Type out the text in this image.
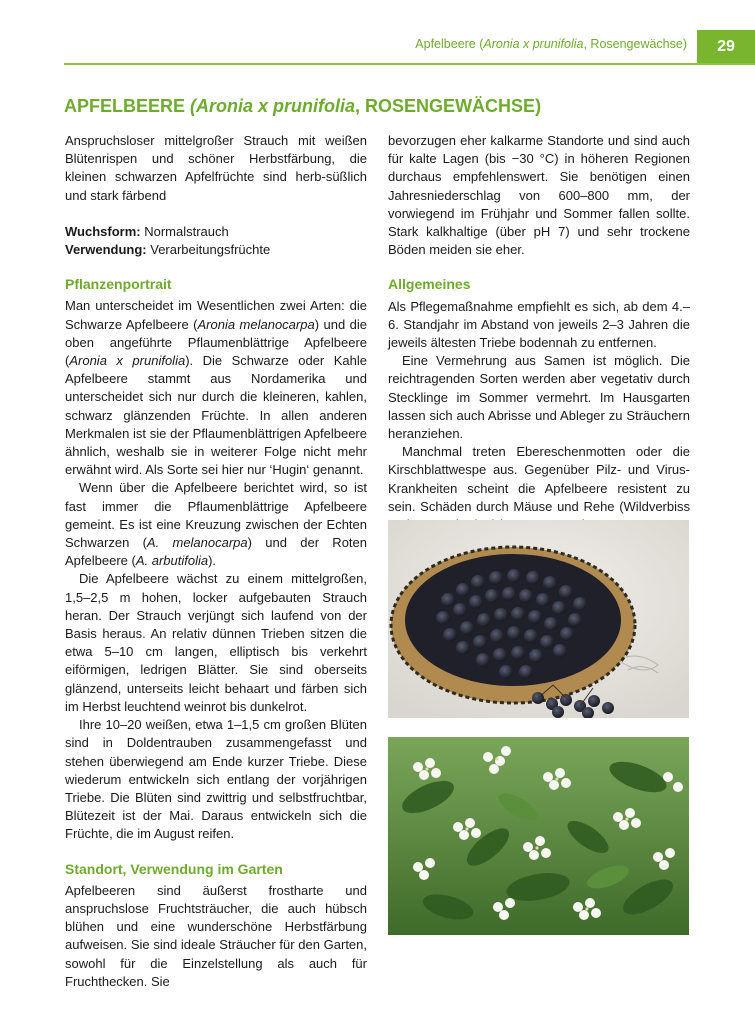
Apfelbeere (Aronia x prunifolia, Rosengewächse)	29
APFELBEERE (Aronia x prunifolia, ROSENGEWÄCHSE)

Anspruchsloser mittelgroßer Strauch mit weißen Blütenrispen und schöner Herbstfärbung, die kleinen schwarzen Apfelfrüchte sind herb-süßlich und stark färbend

Wuchsform: Normalstrauch

Verwendung: Verarbeitungsfrüchte

Pflanzenportrait

Man unterscheidet im Wesentlichen zwei Arten: die Schwarze Apfelbeere (Aronia melanocarpa) und die oben angeführte Pflaumenblättrige Apfelbeere (Aronia x prunifolia). Die Schwarze oder Kahle Apfelbeere stammt aus Nordamerika und unterscheidet sich nur durch die kleineren, kahlen, schwarz glänzenden Früchte. In allen anderen Merkmalen ist sie der Pflaumenblättrigen Apfelbeere ähnlich, weshalb sie in weiterer Folge nicht mehr erwähnt wird. Als Sorte sei hier nur ‘Hugin‘ genannt.

Wenn über die Apfelbeere berichtet wird, so ist fast immer die Pflaumenblättrige Apfelbeere gemeint. Es ist eine Kreuzung zwischen der Echten Schwarzen (A. melanocarpa) und der Roten Apfelbeere (A. arbutifolia).

Die Apfelbeere wächst zu einem mittelgroßen, 1,5–2,5 m hohen, locker aufgebauten Strauch heran. Der Strauch verjüngt sich laufend von der Basis heraus. An relativ dünnen Trieben sitzen die etwa 5–10 cm langen, elliptisch bis verkehrt eiförmigen, ledrigen Blätter. Sie sind oberseits glänzend, unterseits leicht behaart und färben sich im Herbst leuchtend weinrot bis dunkelrot.

Ihre 10–20 weißen, etwa 1–1,5 cm großen Blüten sind in Doldentrauben zusammengefasst und stehen überwiegend am Ende kurzer Triebe. Diese wiederum entwickeln sich entlang der vorjährigen Triebe. Die Blüten sind zwittrig und selbstfruchtbar, Blütezeit ist der Mai. Daraus entwickeln sich die Früchte, die im August reifen.

Standort, Verwendung im Garten

Apfelbeeren sind äußerst frostharte und anspruchslose Fruchtsträucher, die auch hübsch blühen und eine wunderschöne Herbstfärbung aufweisen. Sie sind ideale Sträucher für den Garten, sowohl für die Einzelstellung als auch für Fruchthecken. Sie

bevorzugen eher kalkarme Standorte und sind auch für kalte Lagen (bis −30 °C) in höheren Regionen durchaus empfehlenswert. Sie benötigen einen Jahresniederschlag von 600–800 mm, der vorwiegend im Frühjahr und Sommer fallen sollte. Stark kalkhaltige (über pH 7) und sehr trockene Böden meiden sie eher.

Allgemeines

Als Pflegemaßnahme empfiehlt es sich, ab dem 4.–6. Standjahr im Abstand von jeweils 2–3 Jahren die jeweils ältesten Triebe bodennah zu entfernen.

Eine Vermehrung aus Samen ist möglich. Die reichtragenden Sorten werden aber vegetativ durch Stecklinge im Sommer vermehrt. Im Hausgarten lassen sich auch Abrisse und Ableger zu Sträuchern heranziehen.

Manchmal treten Ebereschenmotten oder die Kirschblattwespe aus. Gegenüber Pilz- und Virus-Krankheiten scheint die Apfelbeere resistent zu sein. Schäden durch Mäuse und Rehe (Wildverbiss
